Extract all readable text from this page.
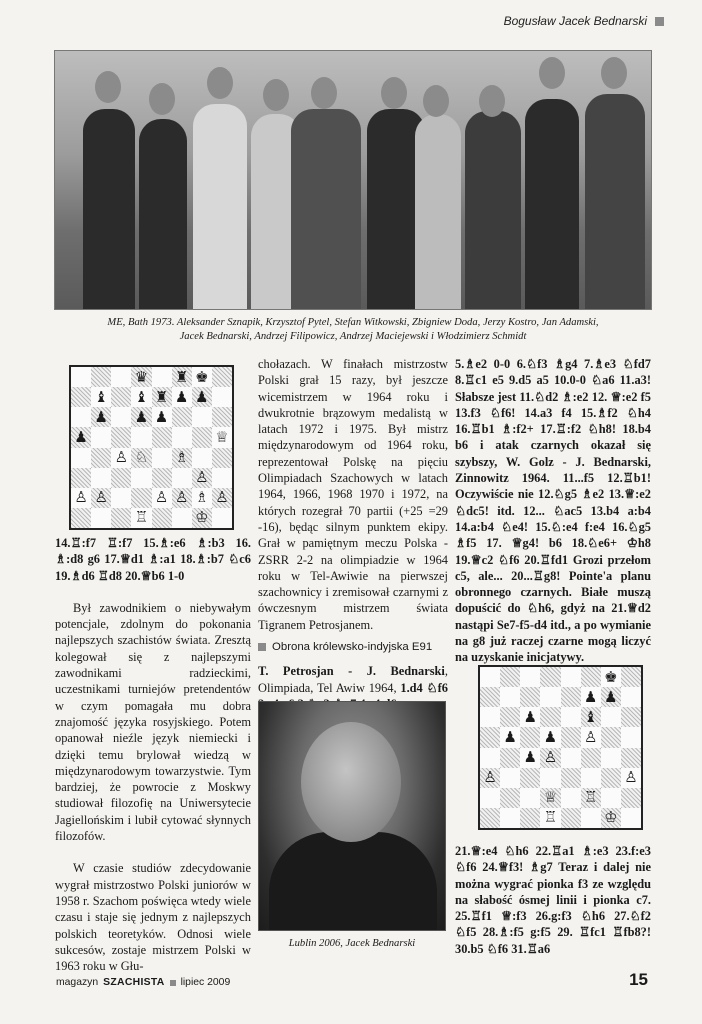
Bogusław Jacek Bednarski
ME, Bath 1973. Aleksander Sznapik, Krzysztof Pytel, Stefan Witkowski, Zbigniew Doda, Jerzy Kostro, Jan Adamski,
Jacek Bednarski, Andrzej Filipowicz, Andrzej Maciejewski i Włodzimierz Schmidt
♛ ♜ ♚
♝ ♝ ♜ ♟ ♟
♟ ♟ ♟
♟	♕
♙ ♘ ♗
♙
♙ ♙	♙ ♙ ♗ ♙
♖	♔

14.♖:f7 ♖:f7 15.♗:e6 ♗:b3 16. ♗:d8 g6 17.♕d1 ♗:a1 18.♗:b7 ♘c6 19.♗d6 ♖d8 20.♕b6 1-0

Był zawodnikiem o niebywałym potencjale, zdolnym do pokonania najlepszych szachistów świata. Zresztą kolegował się z najlepszymi zawodnikami radzieckimi, uczestnikami turniejów pretendentów w czym pomagała mu dobra znajomość języka rosyjskiego. Potem opanował nieźle język niemiecki i dzięki temu brylował wiedzą w międzynarodowym towarzystwie. Tym bardziej, że powrocie z Moskwy studiował filozofię na Uniwersytecie Jagiellońskim i lubił cytować słynnych filozofów.

W czasie studiów zdecydowanie wygrał mistrzostwo Polski juniorów w 1958 r. Szachom poświęca wtedy wiele czasu i staje się jednym z najlepszych polskich teoretyków. Odnosi wiele sukcesów, zostaje mistrzem Polski w 1963 roku w Głu-

chołazach. W finałach mistrzostw Polski grał 15 razy, był jeszcze wicemistrzem w 1964 roku i dwukrotnie brązowym medalistą w latach 1972 i 1975. Był mistrz międzynarodowym od 1964 roku, reprezentował Polskę na pięciu Olimpiadach Szachowych w latach 1964, 1966, 1968 1970 i 1972, na których rozegrał 70 partii (+25 =29 -16), będąc silnym punktem ekipy. Grał w pamiętnym meczu Polska - ZSRR 2-2 na olimpiadzie w 1964 roku w Tel-Awiwie na pierwszej szachownicy i zremisował czarnymi z ówczesnym mistrzem świata Tigranem Petrosjanem.

Obrona królewsko-indyjska E91

T. Petrosjan - J. Bednarski, Olimpiada, Tel Awiw 1964, 1.d4 ♘f6

Lublin 2006, Jacek Bednarski

5.♗e2 0-0 6.♘f3 ♗g4 7.♗e3 ♘fd7 8.♖c1 e5 9.d5 a5 10.0-0 ♘a6 11.a3! Słabsze jest 11.♘d2 ♗:e2 12. ♕:e2 f5 13.f3 ♘f6! 14.a3 f4 15.♗f2 ♘h4 16.♖b1 ♗:f2+ 17.♖:f2 ♘h8! 18.b4 b6 i atak czarnych okazał się szybszy, W. Golz - J. Bednarski, Zinnowitz 1964. 11...f5 12.♖b1! Oczywiście nie 12.♘g5 ♗e2 13.♕:e2 ♘dc5! itd. 12... ♘ac5 13.b4 a:b4 14.a:b4 ♘e4! 15.♘:e4 f:e4 16.♘g5 ♗f5 17. ♕g4! b6 18.♘e6+ ♔h8 19.♕c2 ♘f6 20.♖fd1 Grozi przełom c5, ale... 20...♖g8! Pointe'a planu obronnego czarnych. Białe muszą dopuścić do ♘h6, gdyż na 21.♕d2 nastąpi Se7-f5-d4 itd., a po wymianie na g8 już raczej czarne mogą liczyć na uzyskanie inicjatywy.

♚
♟ ♟
♟	♝
♟ ♟ ♙
♟ ♙
♙	♙
♕ ♖
♖	♔

21.♕:e4 ♘h6 22.♖a1 ♗:e3 23.f:e3 ♘f6 24.♕f3! ♗g7 Teraz i dalej nie można wygrać pionka f3 ze względu na słabość ósmej linii i pionka c7. 25.♖f1 ♕:f3 26.g:f3 ♘h6 27.♘f2 ♘f5 28.♗:f5 g:f5 29. ♖fc1 ♖fb8?! 30.b5 ♘f6 31.♖a6

magazyn SZACHISTA lipiec 2009	15
